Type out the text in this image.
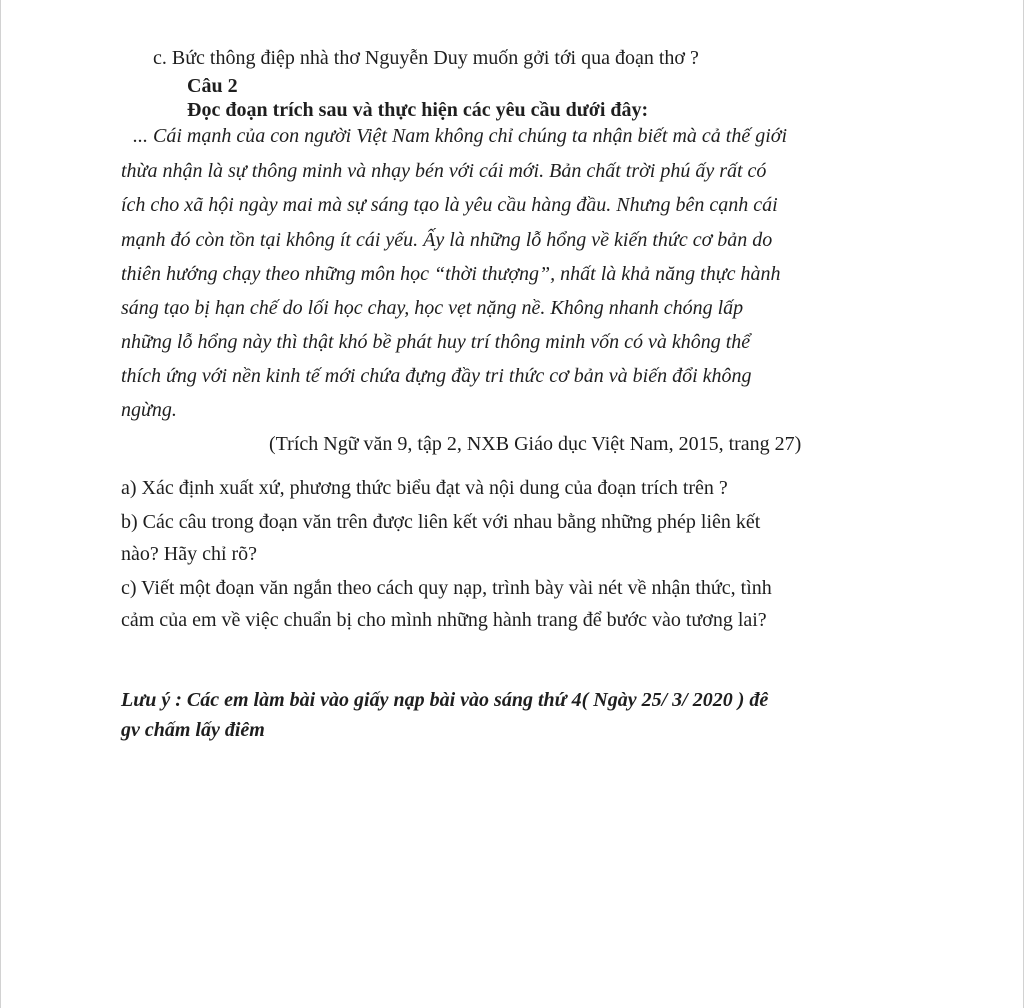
c. Bức thông điệp nhà thơ Nguyễn Duy muốn gởi tới qua đoạn thơ ?
Câu 2
Đọc đoạn trích sau và thực hiện các yêu cầu dưới đây:
... Cái mạnh của con người Việt Nam không chỉ chúng ta nhận biết mà cả thế giới
thừa nhận là sự thông minh và nhạy bén với cái mới. Bản chất trời phú ấy rất có
ích cho xã hội ngày mai mà sự sáng tạo là yêu cầu hàng đầu. Nhưng bên cạnh cái
mạnh đó còn tồn tại không ít cái yếu. Ấy là những lỗ hổng về kiến thức cơ bản do
thiên hướng chạy theo những môn học “thời thượng”, nhất là khả năng thực hành
sáng tạo bị hạn chế do lối học chay, học vẹt nặng nề. Không nhanh chóng lấp
những lỗ hổng này thì thật khó bề phát huy trí thông minh vốn có và không thể
thích ứng với nền kinh tế mới chứa đựng đầy tri thức cơ bản và biến đổi không
ngừng.
(Trích Ngữ văn 9, tập 2, NXB Giáo dục Việt Nam, 2015, trang 27)
a) Xác định xuất xứ, phương thức biểu đạt và nội dung của đoạn trích trên ?
b) Các câu trong đoạn văn trên được liên kết với nhau bằng những phép liên kết
nào? Hãy chỉ rõ?
c) Viết một đoạn văn ngắn theo cách quy nạp, trình bày vài nét về nhận thức, tình
cảm của em về việc chuẩn bị cho mình những hành trang để bước vào tương lai?
Lưu ý : Các em làm bài vào giấy nạp bài vào sáng thứ 4( Ngày 25/ 3/ 2020 ) đê
gv chấm lấy điêm
